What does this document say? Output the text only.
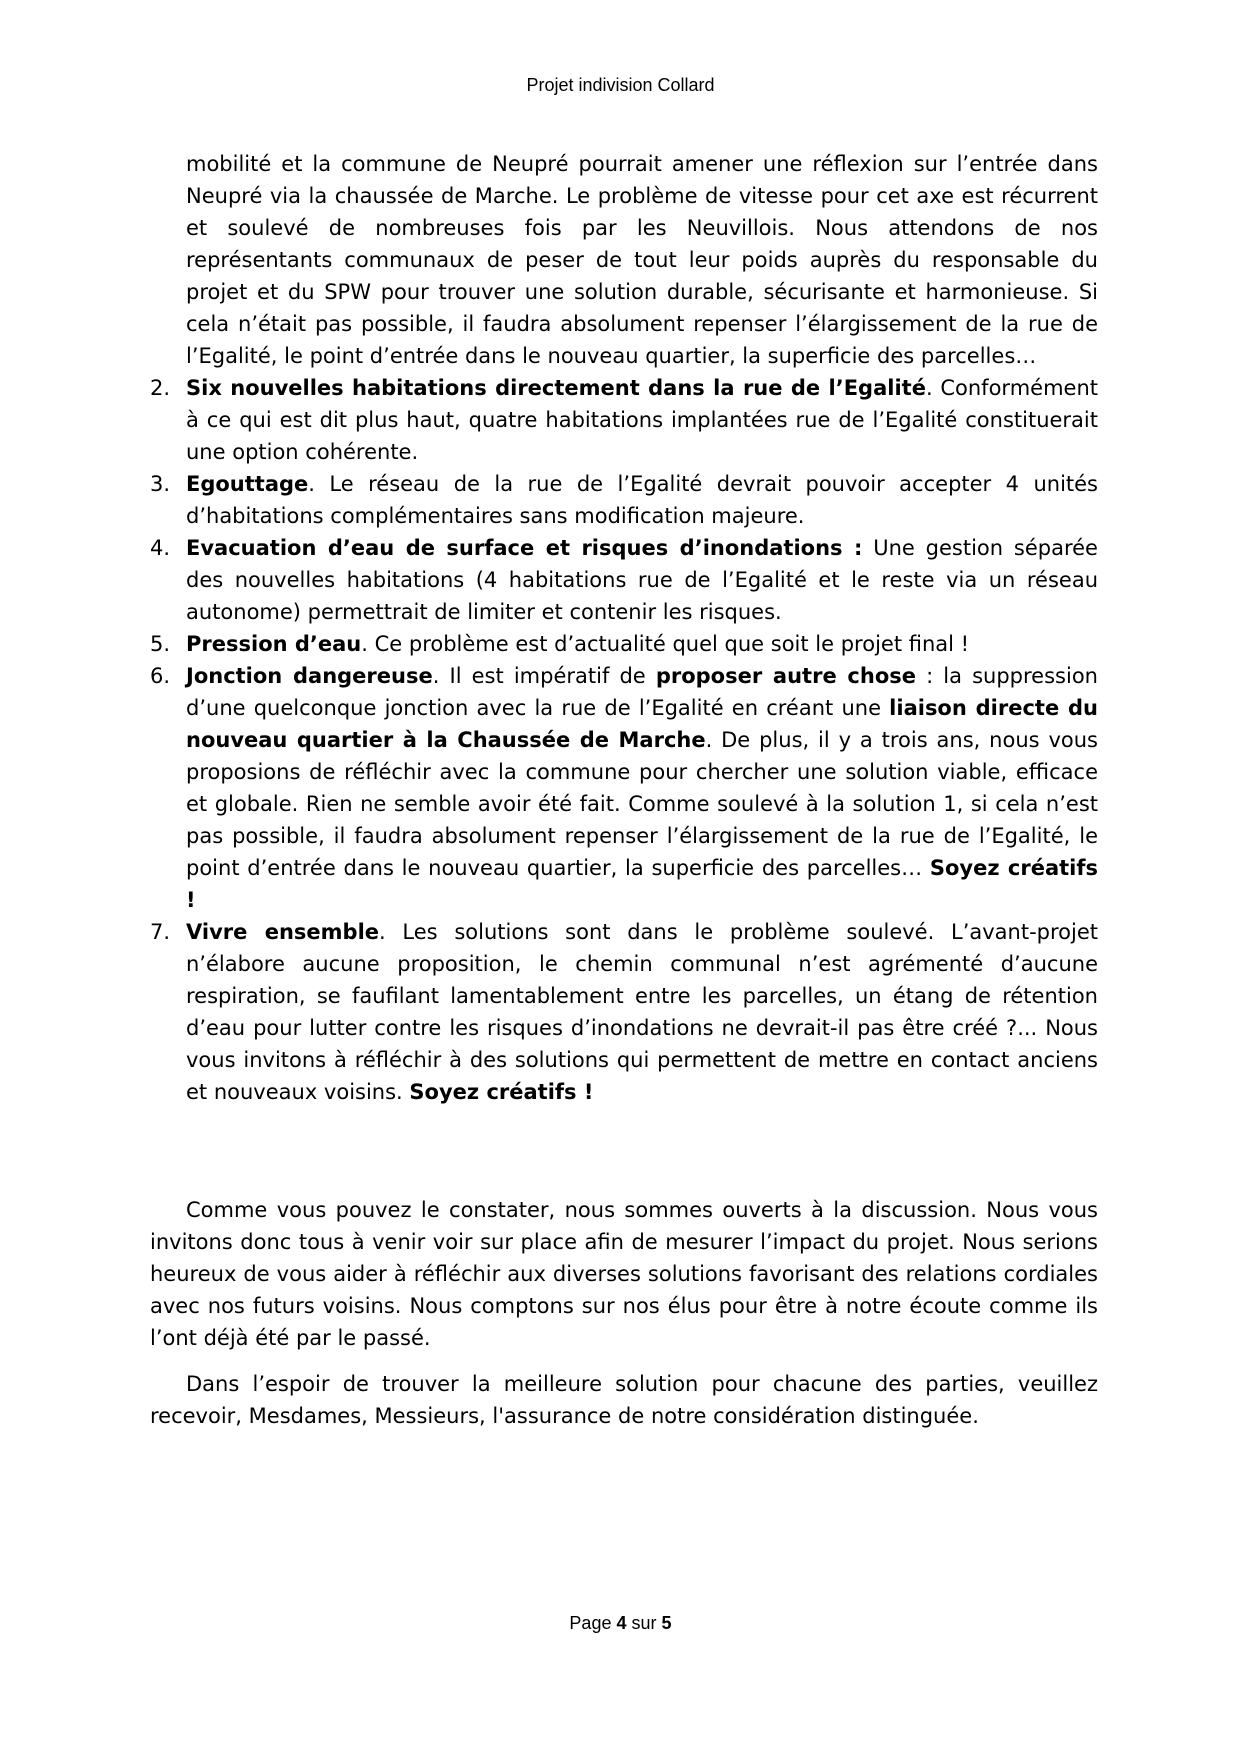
Projet indivision Collard

mobilité et la commune de Neupré pourrait amener une réflexion sur l’entrée dans Neupré via la chaussée de Marche. Le problème de vitesse pour cet axe est récurrent et soulevé de nombreuses fois par les Neuvillois. Nous attendons de nos représentants communaux de peser de tout leur poids auprès du responsable du projet et du SPW pour trouver une solution durable, sécurisante et harmonieuse. Si cela n’était pas possible, il faudra absolument repenser l’élargissement de la rue de l’Egalité, le point d’entrée dans le nouveau quartier, la superficie des parcelles…

2. Six nouvelles habitations directement dans la rue de l’Egalité. Conformément à ce qui est dit plus haut, quatre habitations implantées rue de l’Egalité constituerait une option cohérente.
3. Egouttage. Le réseau de la rue de l’Egalité devrait pouvoir accepter 4 unités d’habitations complémentaires sans modification majeure.
4. Evacuation d’eau de surface et risques d’inondations : Une gestion séparée des nouvelles habitations (4 habitations rue de l’Egalité et le reste via un réseau autonome) permettrait de limiter et contenir les risques.
5. Pression d’eau. Ce problème est d’actualité quel que soit le projet final !
6. Jonction dangereuse. Il est impératif de proposer autre chose : la suppression d’une quelconque jonction avec la rue de l’Egalité en créant une liaison directe du nouveau quartier à la Chaussée de Marche. De plus, il y a trois ans, nous vous proposions de réfléchir avec la commune pour chercher une solution viable, efficace et globale. Rien ne semble avoir été fait. Comme soulevé à la solution 1, si cela n’est pas possible, il faudra absolument repenser l’élargissement de la rue de l’Egalité, le point d’entrée dans le nouveau quartier, la superficie des parcelles… Soyez créatifs !
7. Vivre ensemble. Les solutions sont dans le problème soulevé. L’avant-projet n’élabore aucune proposition, le chemin communal n’est agrémenté d’aucune respiration, se faufilant lamentablement entre les parcelles, un étang de rétention d’eau pour lutter contre les risques d’inondations ne devrait-il pas être créé ?... Nous vous invitons à réfléchir à des solutions qui permettent de mettre en contact anciens et nouveaux voisins. Soyez créatifs !

Comme vous pouvez le constater, nous sommes ouverts à la discussion. Nous vous invitons donc tous à venir voir sur place afin de mesurer l’impact du projet. Nous serions heureux de vous aider à réfléchir aux diverses solutions favorisant des relations cordiales avec nos futurs voisins. Nous comptons sur nos élus pour être à notre écoute comme ils l’ont déjà été par le passé.

Dans l’espoir de trouver la meilleure solution pour chacune des parties, veuillez recevoir, Mesdames, Messieurs, l'assurance de notre considération distinguée.

Page 4 sur 5
